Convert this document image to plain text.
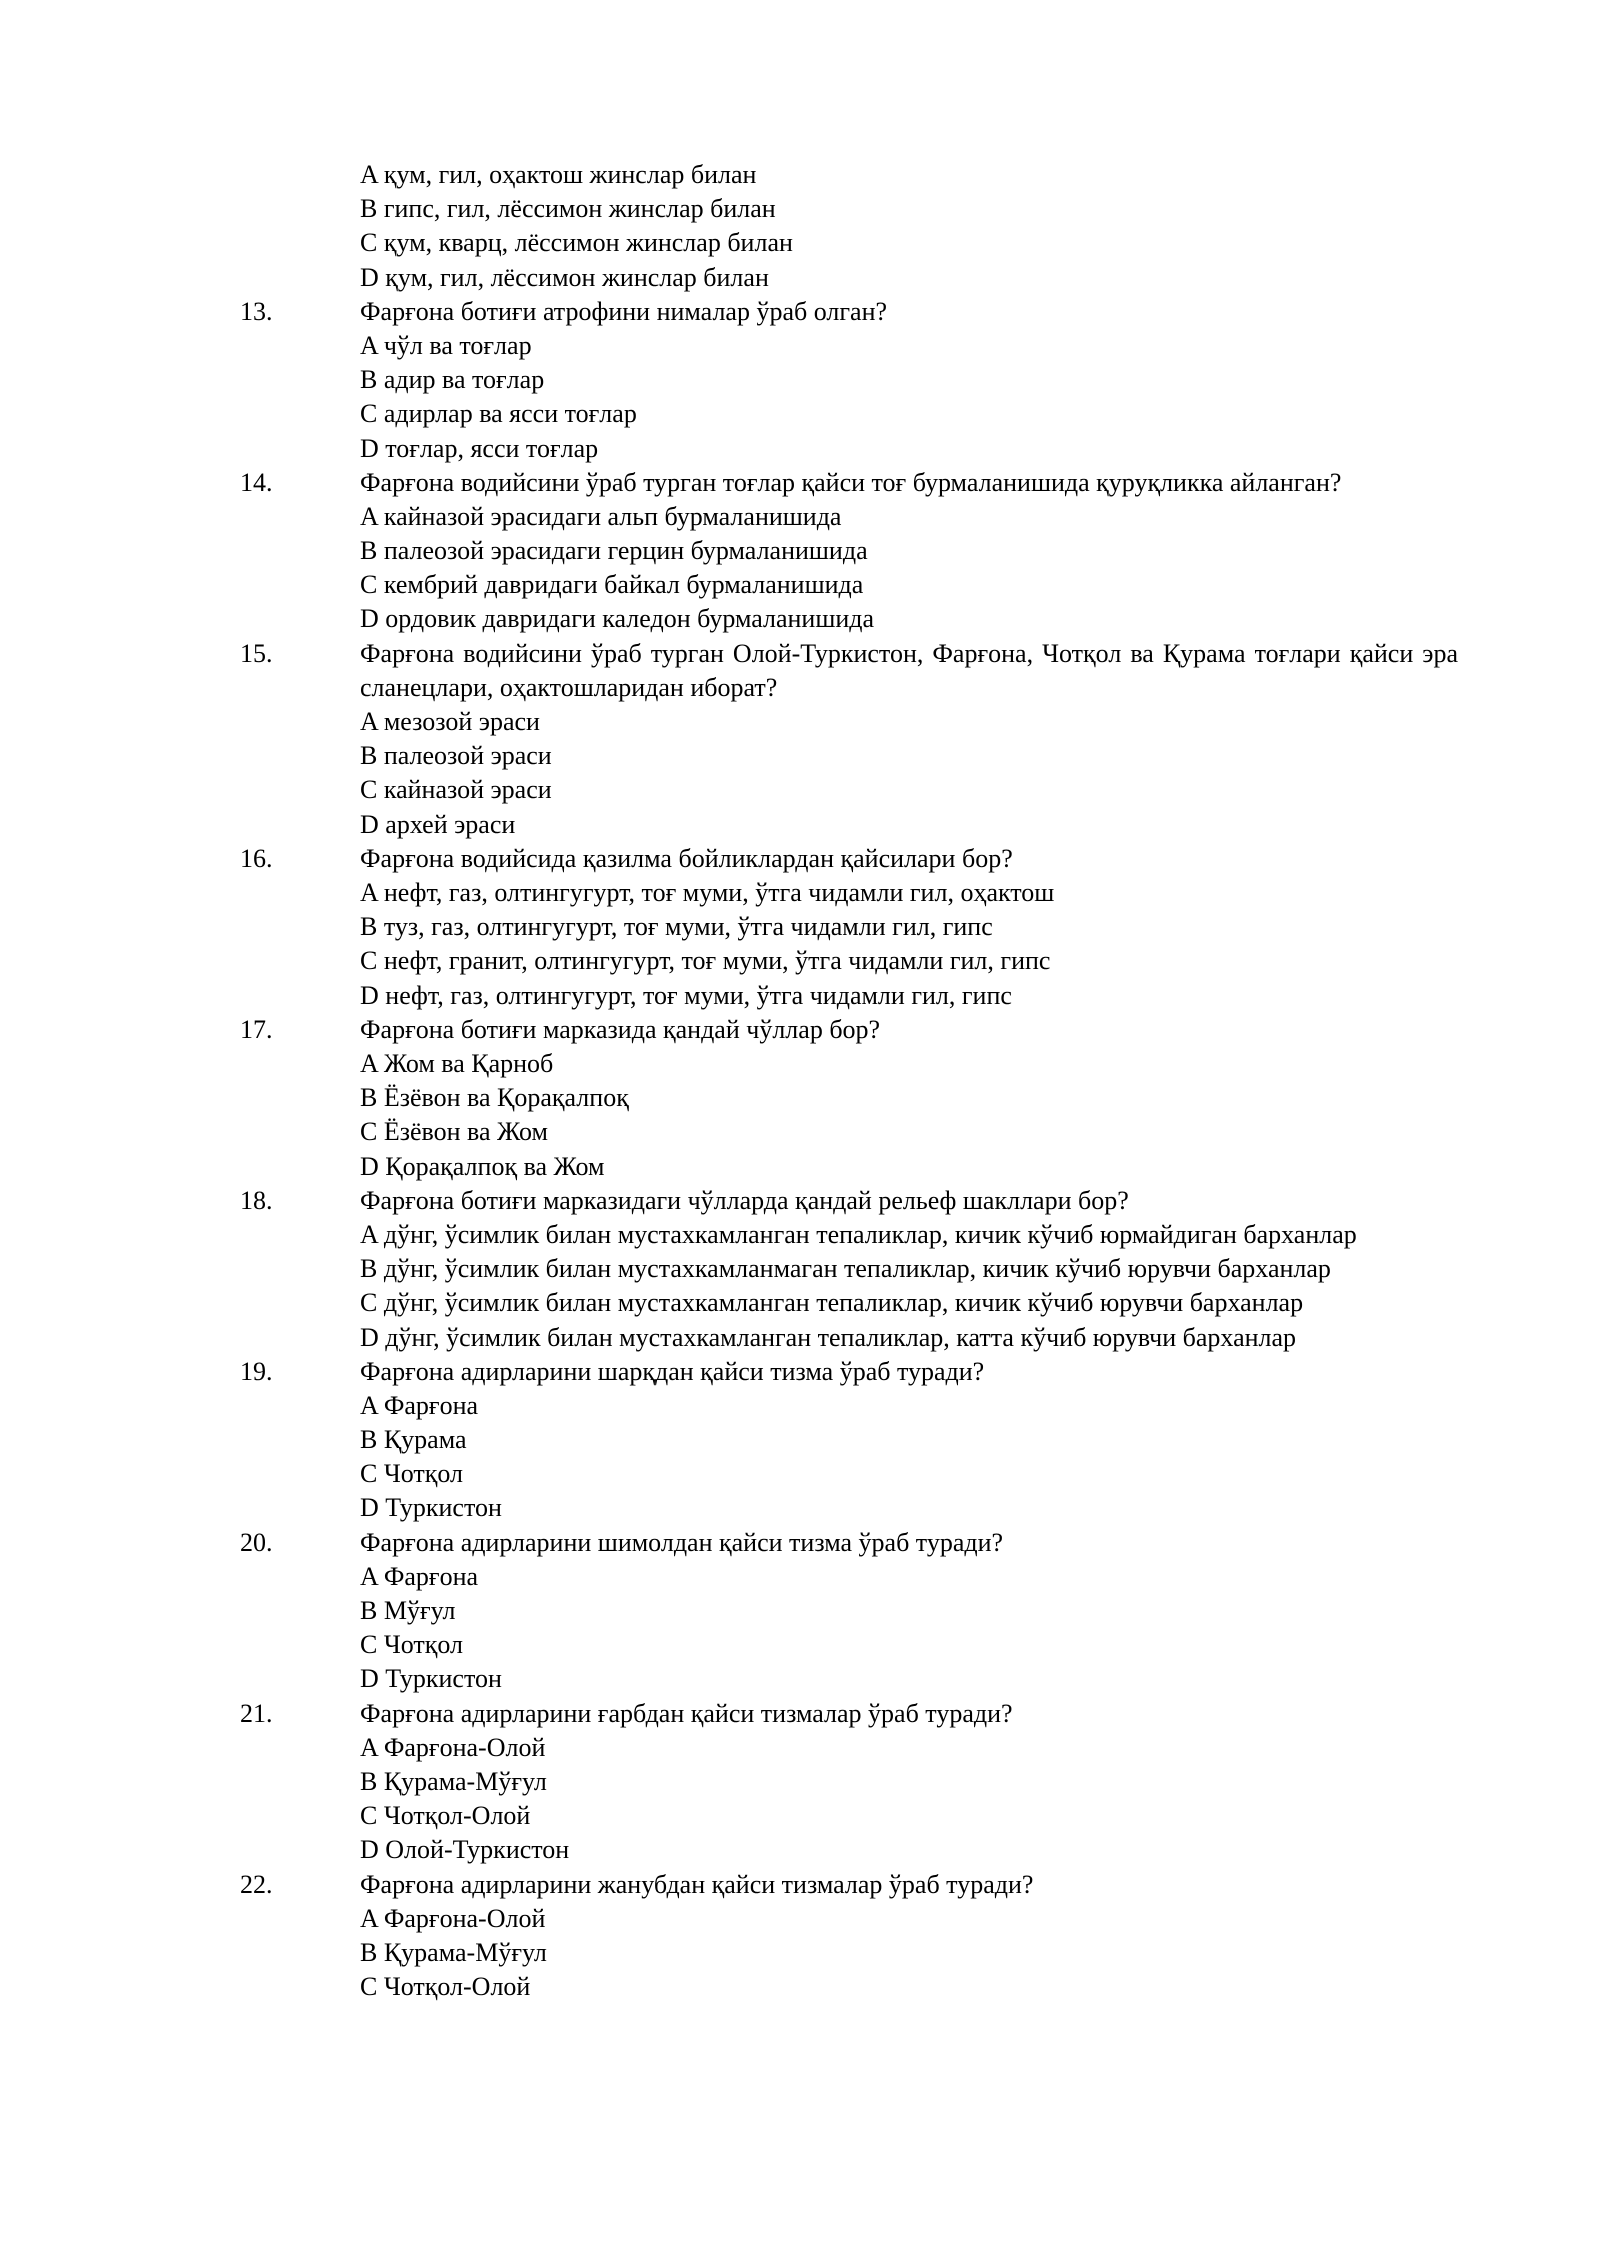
A қум, гил, оҳактош жинслар билан
B гипс, гил, лёссимон жинслар билан
C қум, кварц, лёссимон жинслар билан
D қум, гил, лёссимон жинслар билан
13.	Фарғона ботиғи атрофини нималар ўраб олган?
A чўл ва тоғлар
B адир ва тоғлар
C адирлар ва ясси тоғлар
D тоғлар, ясси тоғлар
14.	Фарғона водийсини ўраб турган тоғлар қайси тоғ бурмаланишида қуруқликка айланган?
A кайназой эрасидаги альп бурмаланишида
B палеозой эрасидаги герцин бурмаланишида
C кембрий давридаги байкал бурмаланишида
D ордовик давридаги каледон бурмаланишида
15.	Фарғона водийсини ўраб турган Олой-Туркистон, Фарғона, Чотқол ва Қурама тоғлари қайси эра сланецлари, оҳактошларидан иборат?
A мезозой эраси
B палеозой эраси
C кайназой эраси
D архей эраси
16.	Фарғона водийсида қазилма бойликлардан қайсилари бор?
A нефт, газ, олтингугурт, тоғ муми, ўтга чидамли гил, оҳактош
B туз, газ, олтингугурт, тоғ муми, ўтга чидамли гил, гипс
C нефт, гранит, олтингугурт, тоғ муми, ўтга чидамли гил, гипс
D нефт, газ, олтингугурт, тоғ муми, ўтга чидамли гил, гипс
17.	Фарғона ботиғи марказида қандай чўллар бор?
A Жом ва Қарноб
B Ёзёвон ва Қорақалпоқ
C Ёзёвон ва Жом
D Қорақалпоқ ва Жом
18.	Фарғона ботиғи марказидаги чўлларда қандай рельеф шакллари бор?
A дўнг, ўсимлик билан мустахкамланган тепаликлар, кичик кўчиб юрмайдиган барханлар
B дўнг, ўсимлик билан мустахкамланмаган тепаликлар, кичик кўчиб юрувчи барханлар
C дўнг, ўсимлик билан мустахкамланган тепаликлар, кичик кўчиб юрувчи барханлар
D дўнг, ўсимлик билан мустахкамланган тепаликлар, катта кўчиб юрувчи барханлар
19.	Фарғона адирларини шарқдан қайси тизма ўраб туради?
A Фарғона
B Қурама
C Чотқол
D Туркистон
20.	Фарғона адирларини шимолдан қайси тизма ўраб туради?
A Фарғона
B Мўғул
C Чотқол
D Туркистон
21.	Фарғона адирларини ғарбдан қайси тизмалар ўраб туради?
A Фарғона-Олой
B Қурама-Мўғул
C Чотқол-Олой
D Олой-Туркистон
22.	Фарғона адирларини жанубдан қайси тизмалар ўраб туради?
A Фарғона-Олой
B Қурама-Мўғул
C Чотқол-Олой
